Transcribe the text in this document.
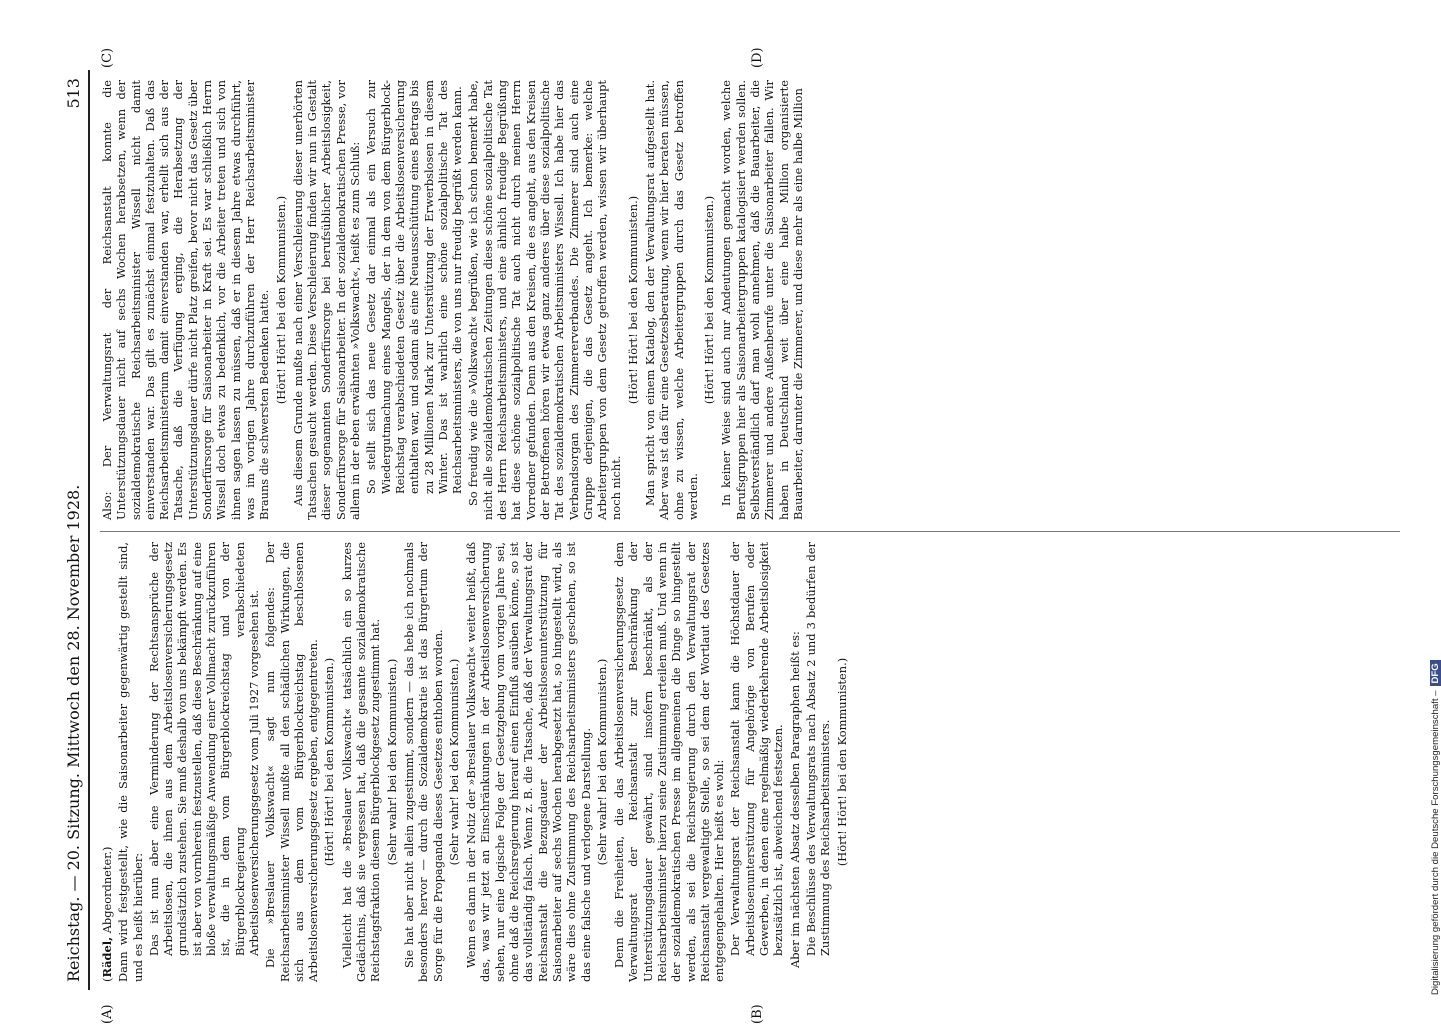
Reichstag. — 20. Sitzung. Mittwoch den 28. November 1928.
513
(A)	(B)
(C)	(D)

(Rädel, Abgeordneter.) Dann wird festgestellt, wie die Saisonarbeiter gegenwärtig gestellt sind, und es heißt hierüber: Das ist nun aber eine Verminderung der Rechtsansprüche der Arbeitslosen, die ihnen aus dem Arbeitslosenversicherungsgesetz grundsätzlich zustehen. Sie muß deshalb von uns bekämpft werden. Es ist aber von vornherein festzustellen, daß diese Beschränkung auf eine bloße verwaltungsmäßige Anwendung einer Vollmacht zurückzuführen ist, die in dem vom Bürgerblockreichstag und von der Bürgerblockregierung verabschiedeten Arbeitslosenversicherungsgesetz vom Juli 1927 vorgesehen ist. Die »Breslauer Volkswacht« sagt nun folgendes: Der Reichsarbeitsminister Wissell mußte all den schädlichen Wirkungen, die sich aus dem vom Bürgerblockreichstag beschlossenen Arbeitslosenversicherungsgesetz ergeben, entgegentreten. (Hört! Hört! bei den Kommunisten.) Vielleicht hat die »Breslauer Volkswacht« tatsächlich ein so kurzes Gedächtnis, daß sie vergessen hat, daß die gesamte sozialdemokratische Reichstagsfraktion diesem Bürgerblockgesetz zugestimmt hat. (Sehr wahr! bei den Kommunisten.) Sie hat aber nicht allein zugestimmt, sondern — das hebe ich nochmals besonders hervor — durch die Sozialdemokratie ist das Bürgertum der Sorge für die Propaganda dieses Gesetzes enthoben worden. (Sehr wahr! bei den Kommunisten.) Wenn es dann in der Notiz der »Breslauer Volkswacht« weiter heißt, daß das, was wir jetzt an Einschränkungen in der Arbeitslosenversicherung sehen, nur eine logische Folge der Gesetzgebung vom vorigen Jahre sei, ohne daß die Reichsregierung hierauf einen Einfluß ausüben könne, so ist das vollständig falsch. Wenn z. B. die Tatsache, daß der Verwaltungsrat der Reichsanstalt die Bezugsdauer der Arbeitslosenunterstützung für Saisonarbeiter auf sechs Wochen herabgesetzt hat, so hingestellt wird, als wäre dies ohne Zustimmung des Reichsarbeitsministers geschehen, so ist das eine falsche und verlogene Darstellung. (Sehr wahr! bei den Kommunisten.) Denn die Freiheiten, die das Arbeitslosenversicherungsgesetz dem Verwaltungsrat der Reichsanstalt zur Beschränkung der Unterstützungsdauer gewährt, sind insofern beschränkt, als der Reichsarbeitsminister hierzu seine Zustimmung erteilen muß. Und wenn in der sozialdemokratischen Presse im allgemeinen die Dinge so hingestellt werden, als sei die Reichsregierung durch den Verwaltungsrat der Reichsanstalt vergewaltigte Stelle, so sei dem der Wortlaut des Gesetzes entgegengehalten. Hier heißt es wohl: Der Verwaltungsrat der Reichsanstalt kann die Höchstdauer der Arbeitslosenunterstützung für Angehörige von Berufen oder Gewerben, in denen eine regelmäßig wiederkehrende Arbeitslosigkeit bezusätzlich ist, abweichend festsetzen. Aber im nächsten Absatz desselben Paragraphen heißt es: Die Beschlüsse des Verwaltungsrats nach Absatz 2 und 3 bedürfen der Zustimmung des Reichsarbeitsministers. (Hört! Hört! bei den Kommunisten.)

Also: Der Verwaltungsrat der Reichsanstalt konnte die Unterstützungsdauer nicht auf sechs Wochen herabsetzen, wenn der sozialdemokratische Reichsarbeitsminister Wissell nicht damit einverstanden war. Das gilt es zunächst einmal festzuhalten. Daß das Reichsarbeitsministerium damit einverstanden war, erhellt sich aus der Tatsache, daß die Verfügung erging, die Herabsetzung der Unterstützungsdauer dürfe nicht Platz greifen, bevor nicht das Gesetz über Sonderfürsorge für Saisonarbeiter in Kraft sei. Es war schließlich Herrn Wissell doch etwas zu bedenklich, vor die Arbeiter treten und sich von ihnen sagen lassen zu müssen, daß er in diesem Jahre etwas durchführt, was im vorigen Jahre durchzuführen der Herr Reichsarbeitsminister Brauns die schwersten Bedenken hatte. (Hört! Hört! bei den Kommunisten.) Aus diesem Grunde mußte nach einer Verschleierung dieser unerhörten Tatsachen gesucht werden. Diese Verschleierung finden wir nun in Gestalt dieser sogenannten Sonderfürsorge bei berufsüblicher Arbeitslosigkeit, Sonderfürsorge für Saisonarbeiter. In der sozialdemokratischen Presse, vor allem in der eben erwähnten »Volkswacht«, heißt es zum Schluß: So stellt sich das neue Gesetz dar einmal als ein Versuch zur Wiedergutmachung eines Mangels, der in dem von dem Bürgerblock-Reichstag verabschiedeten Gesetz über die Arbeitslosenversicherung enthalten war, und sodann als eine Neuausschüttung eines Betrags bis zu 28 Millionen Mark zur Unterstützung der Erwerbslosen in diesem Winter. Das ist wahrlich eine schöne sozialpolitische Tat des Reichsarbeitsministers, die von uns nur freudig begrüßt werden kann. So freudig wie die »Volkswacht« begrüßen, wie ich schon bemerkt habe, nicht alle sozialdemokratischen Zeitungen diese schöne sozialpolitische Tat des Herrn Reichsarbeitsministers, und eine ähnlich freudige Begrüßung hat diese schöne sozialpolitische Tat auch nicht durch meinen Herrn Vorredner gefunden. Denn aus den Kreisen, die es angeht, aus den Kreisen der Betroffenen hören wir etwas ganz anderes über diese sozialpolitische Tat des sozialdemokratischen Arbeitsministers Wissell. Ich habe hier das Verbandsorgan des Zimmererverbandes. Die Zimmerer sind auch eine Gruppe derjenigen, die das Gesetz angeht. Ich bemerke: welche Arbeitergruppen von dem Gesetz getroffen werden, wissen wir überhaupt noch nicht.

(Hört! Hört! bei den Kommunisten.) Man spricht von einem Katalog, den der Verwaltungsrat aufgestellt hat. Aber was ist das für eine Gesetzesberatung, wenn wir hier beraten müssen, ohne zu wissen, welche Arbeitergruppen durch das Gesetz betroffen werden.

(Hört! Hört! bei den Kommunisten.) In keiner Weise sind auch nur Andeutungen gemacht worden, welche Berufsgruppen hier als Saisonarbeitergruppen katalogisiert werden sollen. Selbstverständlich darf man wohl annehmen, daß die Bauarbeiter, die Zimmerer und andere Außenberufe unter die Saisonarbeiter fallen. Wir haben in Deutschland weit über eine halbe Million organisierte Bauarbeiter, darunter die Zimmerer, und diese mehr als eine halbe Million

Digitalisierung gefördert durch die Deutsche Forschungsgemeinschaft –DFG
